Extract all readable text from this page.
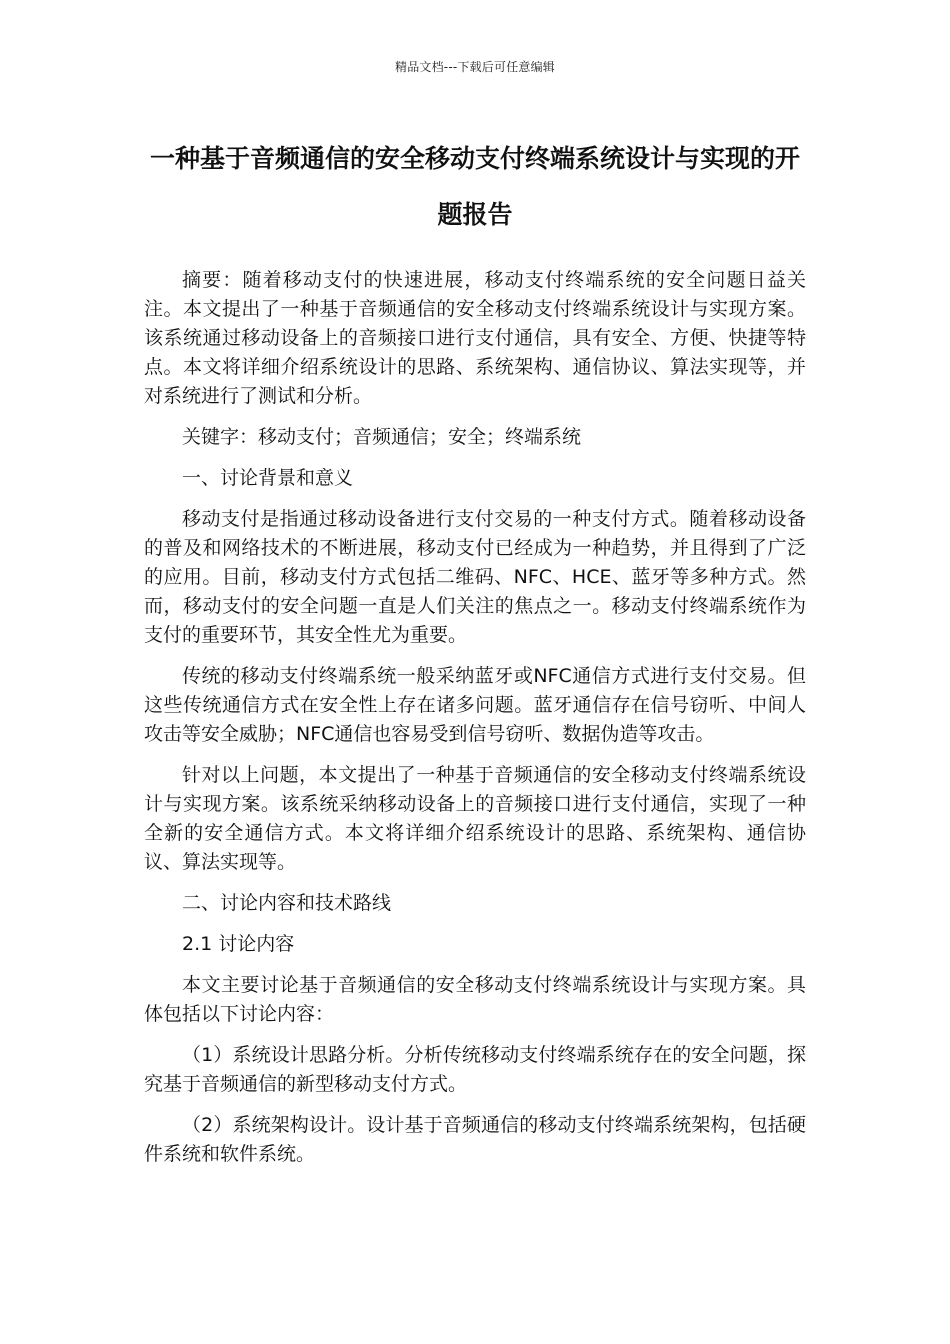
精品文档---下载后可任意编辑
一种基于音频通信的安全移动支付终端系统设计与实现的开题报告

摘要：随着移动支付的快速进展，移动支付终端系统的安全问题日益关注。本文提出了一种基于音频通信的安全移动支付终端系统设计与实现方案。该系统通过移动设备上的音频接口进行支付通信，具有安全、方便、快捷等特点。本文将详细介绍系统设计的思路、系统架构、通信协议、算法实现等，并对系统进行了测试和分析。

关键字：移动支付；音频通信；安全；终端系统

一、讨论背景和意义

移动支付是指通过移动设备进行支付交易的一种支付方式。随着移动设备的普及和网络技术的不断进展，移动支付已经成为一种趋势，并且得到了广泛的应用。目前，移动支付方式包括二维码、NFC、HCE、蓝牙等多种方式。然而，移动支付的安全问题一直是人们关注的焦点之一。移动支付终端系统作为支付的重要环节，其安全性尤为重要。

传统的移动支付终端系统一般采纳蓝牙或NFC通信方式进行支付交易。但这些传统通信方式在安全性上存在诸多问题。蓝牙通信存在信号窃听、中间人攻击等安全威胁；NFC通信也容易受到信号窃听、数据伪造等攻击。

针对以上问题，本文提出了一种基于音频通信的安全移动支付终端系统设计与实现方案。该系统采纳移动设备上的音频接口进行支付通信，实现了一种全新的安全通信方式。本文将详细介绍系统设计的思路、系统架构、通信协议、算法实现等。

二、讨论内容和技术路线

2.1 讨论内容

本文主要讨论基于音频通信的安全移动支付终端系统设计与实现方案。具体包括以下讨论内容：

（1）系统设计思路分析。分析传统移动支付终端系统存在的安全问题，探究基于音频通信的新型移动支付方式。

（2）系统架构设计。设计基于音频通信的移动支付终端系统架构，包括硬件系统和软件系统。
